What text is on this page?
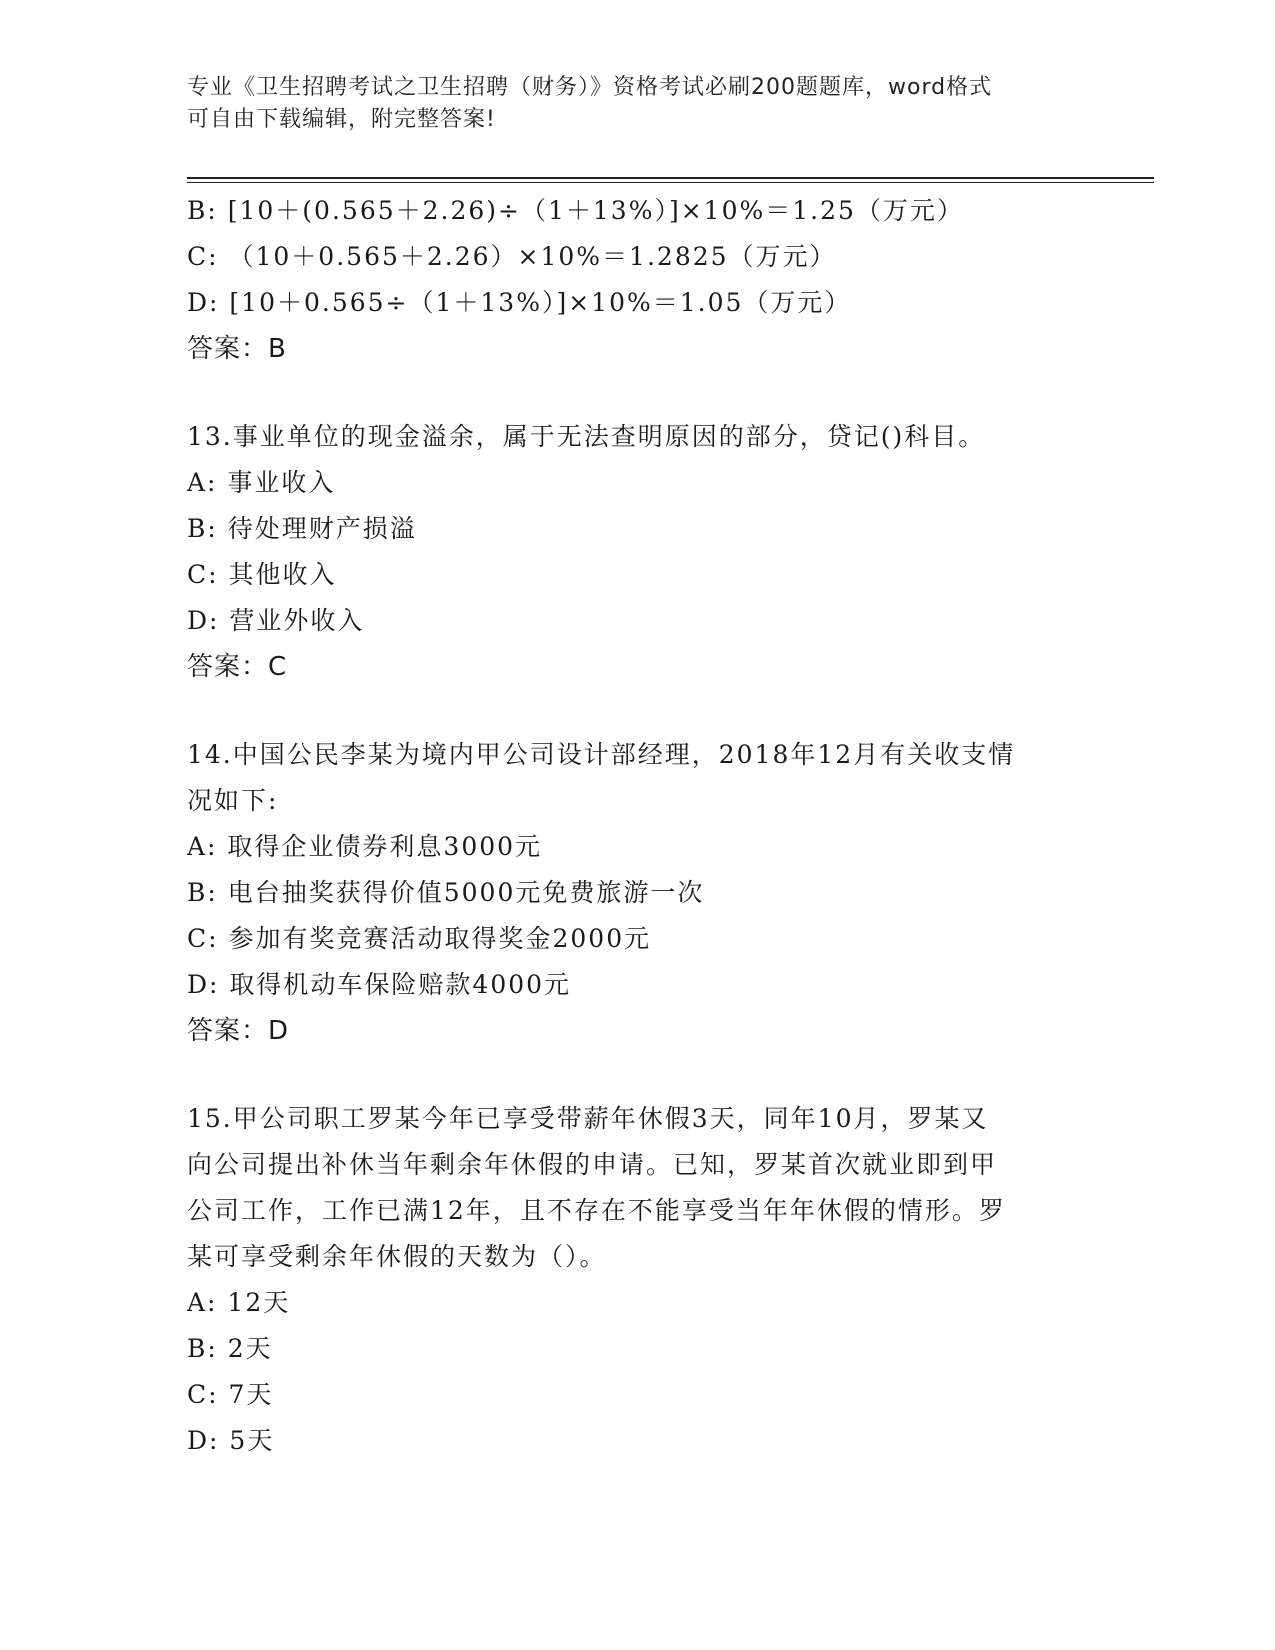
专业《卫生招聘考试之卫生招聘（财务）》资格考试必刷200题题库，word格式
可自由下载编辑，附完整答案!
B: [10＋(0.565＋2.26)÷（1＋13%）]×10%＝1.25（万元）
C: （10＋0.565＋2.26）×10%＝1.2825（万元）
D: [10＋0.565÷（1＋13%）]×10%＝1.05（万元）
答案：B
13.事业单位的现金溢余，属于无法查明原因的部分，贷记()科目。
A: 事业收入
B: 待处理财产损溢
C: 其他收入
D: 营业外收入
答案：C
14.中国公民李某为境内甲公司设计部经理，2018年12月有关收支情
况如下:
A: 取得企业债券利息3000元
B: 电台抽奖获得价值5000元免费旅游一次
C: 参加有奖竞赛活动取得奖金2000元
D: 取得机动车保险赔款4000元
答案：D
15.甲公司职工罗某今年已享受带薪年休假3天，同年10月，罗某又
向公司提出补休当年剩余年休假的申请。已知，罗某首次就业即到甲
公司工作，工作已满12年，且不存在不能享受当年年休假的情形。罗
某可享受剩余年休假的天数为（）。
A: 12天
B: 2天
C: 7天
D: 5天
